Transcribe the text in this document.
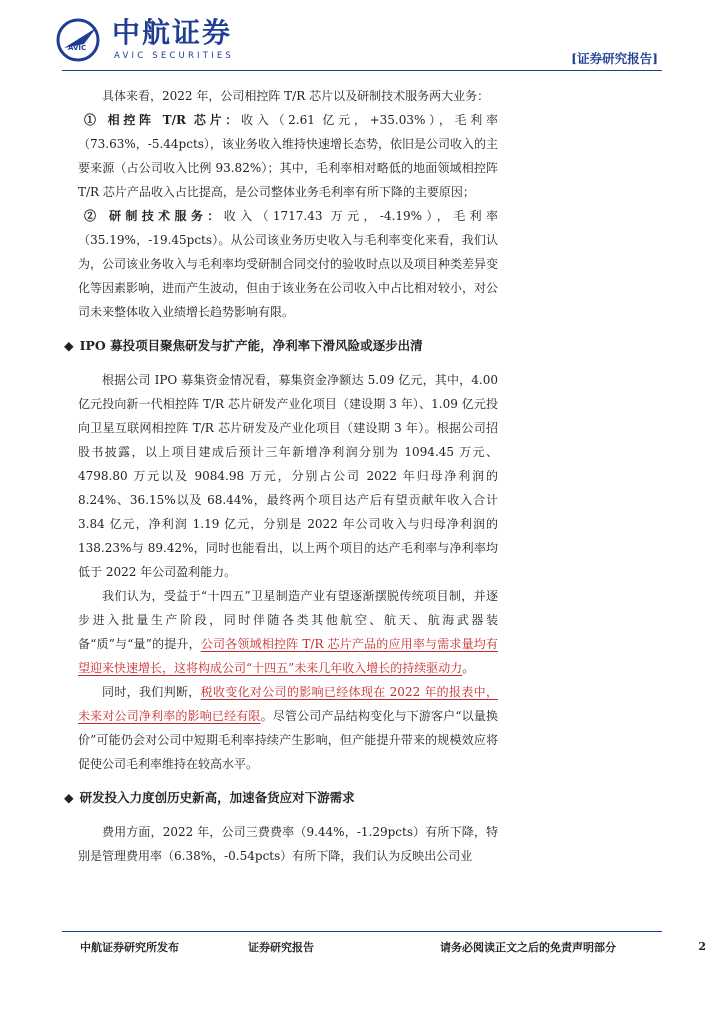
AVIC 中航证券
AVIC SECURITIES	[证券研究报告]

具体来看，2022 年，公司相控阵 T/R 芯片以及研制技术服务两大业务：

① 相控阵 T/R 芯片：收入（2.61 亿元，+35.03%），毛利率（73.63%，-5.44pcts），该业务收入维持快速增长态势，依旧是公司收入的主要来源（占公司收入比例 93.82%）；其中，毛利率相对略低的地面领域相控阵 T/R 芯片产品收入占比提高，是公司整体业务毛利率有所下降的主要原因；

② 研制技术服务：收入（1717.43 万元，-4.19%），毛利率（35.19%，-19.45pcts）。从公司该业务历史收入与毛利率变化来看，我们认为，公司该业务收入与毛利率均受研制合同交付的验收时点以及项目种类差异变化等因素影响，进而产生波动，但由于该业务在公司收入中占比相对较小，对公司未来整体收入业绩增长趋势影响有限。

◆ IPO 募投项目聚焦研发与扩产能，净利率下滑风险或逐步出清

根据公司 IPO 募集资金情况看，募集资金净额达 5.09 亿元，其中，4.00 亿元投向新一代相控阵 T/R 芯片研发产业化项目（建设期 3 年）、1.09 亿元投向卫星互联网相控阵 T/R 芯片研发及产业化项目（建设期 3 年）。根据公司招股书披露，以上项目建成后预计三年新增净利润分别为 1094.45 万元、4798.80 万元以及 9084.98 万元，分别占公司 2022 年归母净利润的 8.24%、36.15%以及 68.44%，最终两个项目达产后有望贡献年收入合计 3.84 亿元，净利润 1.19 亿元，分别是 2022 年公司收入与归母净利润的 138.23%与 89.42%，同时也能看出，以上两个项目的达产毛利率与净利率均低于 2022 年公司盈利能力。

我们认为，受益于“十四五”卫星制造产业有望逐渐摆脱传统项目制，并逐步进入批量生产阶段，同时伴随各类其他航空、航天、航海武器装备“质”与“量”的提升，公司各领域相控阵 T/R 芯片产品的应用率与需求量均有望迎来快速增长，这将构成公司“十四五”未来几年收入增长的持续驱动力。

同时，我们判断，税收变化对公司的影响已经体现在 2022 年的报表中，未来对公司净利率的影响已经有限。尽管公司产品结构变化与下游客户“以量换价”可能仍会对公司中短期毛利率持续产生影响，但产能提升带来的规模效应将促使公司毛利率维持在较高水平。

◆ 研发投入力度创历史新高，加速备货应对下游需求

费用方面，2022 年，公司三费费率（9.44%，-1.29pcts）有所下降，特别是管理费用率（6.38%，-0.54pcts）有所下降，我们认为反映出公司业

中航证券研究所发布	证券研究报告	请务必阅读正文之后的免责声明部分	2
